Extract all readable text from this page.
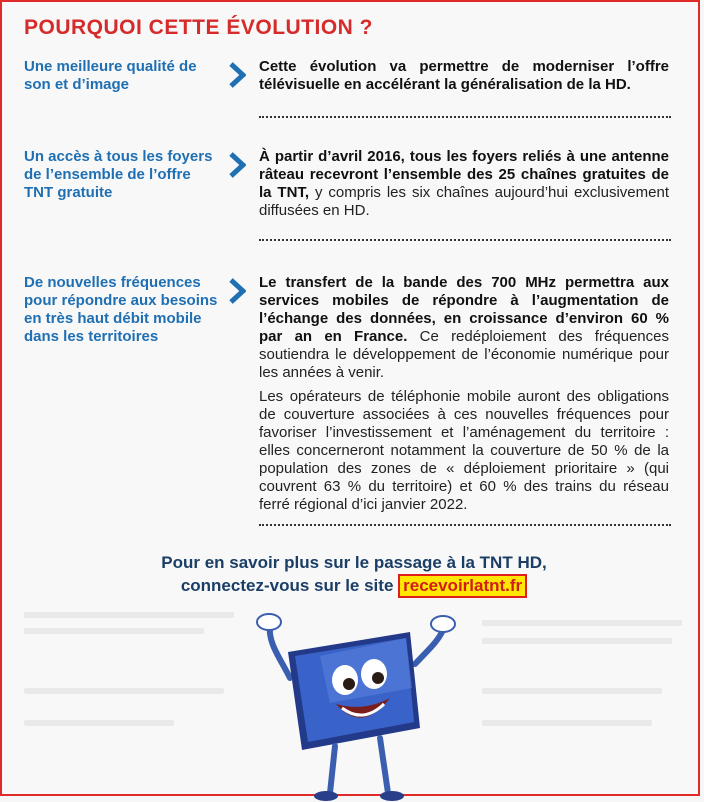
POURQUOI CETTE ÉVOLUTION ?
Une meilleure qualité de son et d’image
Cette évolution va permettre de moderniser l’offre télévisuelle en accélérant la généralisation de la HD.
Un accès à tous les foyers de l’ensemble de l’offre TNT gratuite
À partir d’avril 2016, tous les foyers reliés à une antenne râteau recevront l’ensemble des 25 chaînes gratuites de la TNT, y compris les six chaînes aujourd’hui exclusivement diffusées en HD.
De nouvelles fréquences pour répondre aux besoins en très haut débit mobile dans les territoires
Le transfert de la bande des 700 MHz permettra aux services mobiles de répondre à l’augmentation de l’échange des données, en croissance d’environ 60 % par an en France. Ce redéploiement des fréquences soutiendra le développement de l’économie numérique pour les années à venir.
Les opérateurs de téléphonie mobile auront des obligations de couverture associées à ces nouvelles fréquences pour favoriser l’investissement et l’aménagement du territoire : elles concerneront notamment la couverture de 50 % de la population des zones de « déploiement prioritaire » (qui couvrent 63 % du territoire) et 60 % des trains du réseau ferré régional d’ici janvier 2022.
Pour en savoir plus sur le passage à la TNT HD,
connectez-vous sur le site recevoirlatnt.fr
